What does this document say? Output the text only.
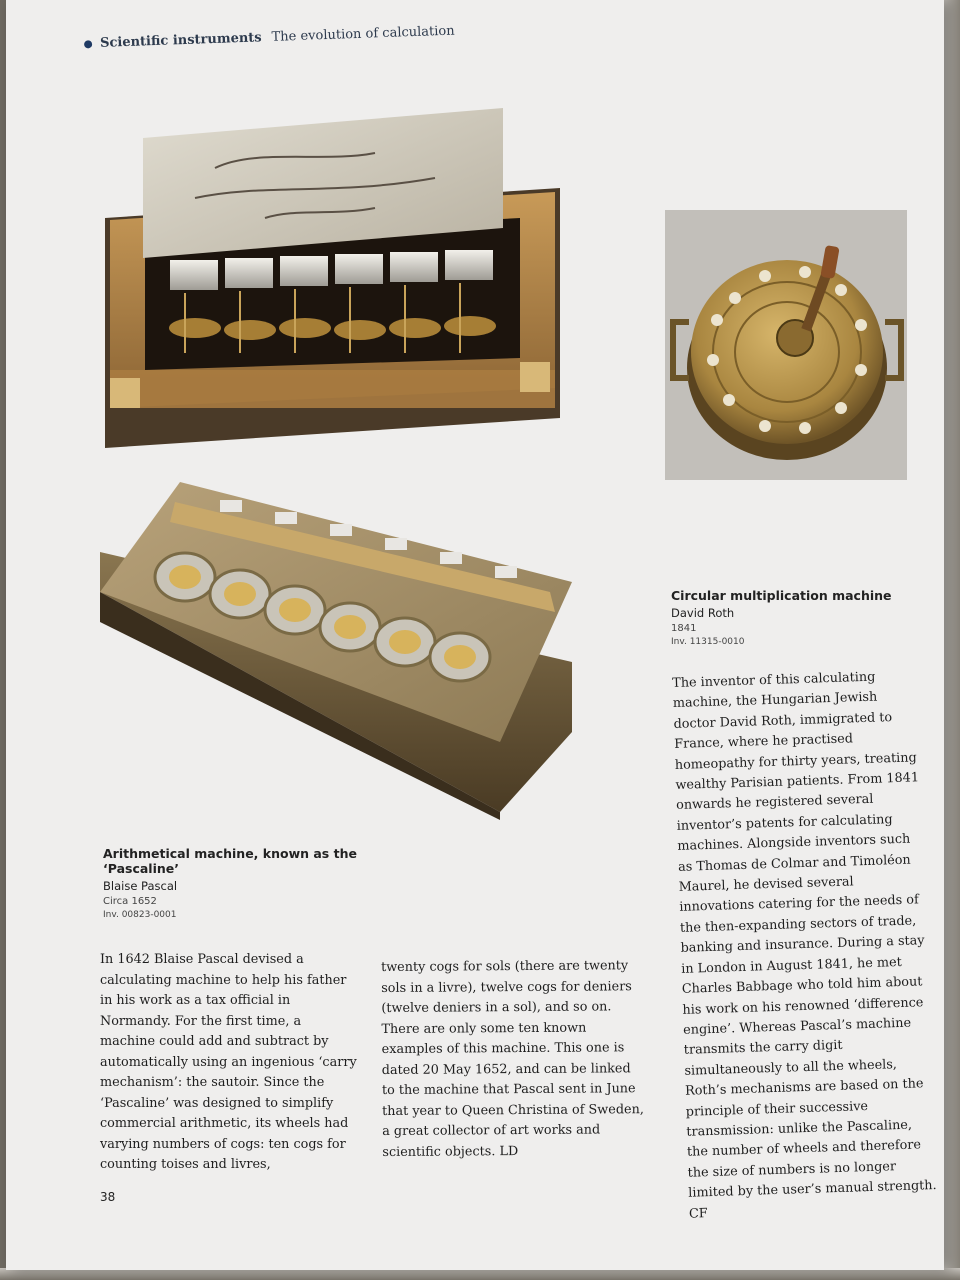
Scientific instruments The evolution of calculation
Arithmetical machine, known as the ‘Pascaline’
Blaise Pascal
Circa 1652
Inv. 00823-0001
Circular multiplication machine
David Roth
1841
Inv. 11315-0010

In 1642 Blaise Pascal devised a calculating machine to help his father in his work as a tax official in Normandy. For the first time, a machine could add and subtract by automatically using an ingenious ‘carry mechanism’: the sautoir. Since the ‘Pascaline’ was designed to simplify commercial arithmetic, its wheels had varying numbers of cogs: ten cogs for counting toises and livres,

twenty cogs for sols (there are twenty sols in a livre), twelve cogs for deniers (twelve deniers in a sol), and so on. There are only some ten known examples of this machine. This one is dated 20 May 1652, and can be linked to the machine that Pascal sent in June that year to Queen Christina of Sweden, a great collector of art works and scientific objects. LD

The inventor of this calculating machine, the Hungarian Jewish doctor David Roth, immigrated to France, where he practised homeopathy for thirty years, treating wealthy Parisian patients. From 1841 onwards he registered several inventor’s patents for calculating machines. Alongside inventors such as Thomas de Colmar and Timoléon Maurel, he devised several innovations catering for the needs of the then-expanding sectors of trade, banking and insurance. During a stay in London in August 1841, he met Charles Babbage who told him about his work on his renowned ‘difference engine’. Whereas Pascal’s machine transmits the carry digit simultaneously to all the wheels, Roth’s mechanisms are based on the principle of their successive transmission: unlike the Pascaline, the number of wheels and therefore the size of numbers is no longer limited by the user’s manual strength. CF

38
